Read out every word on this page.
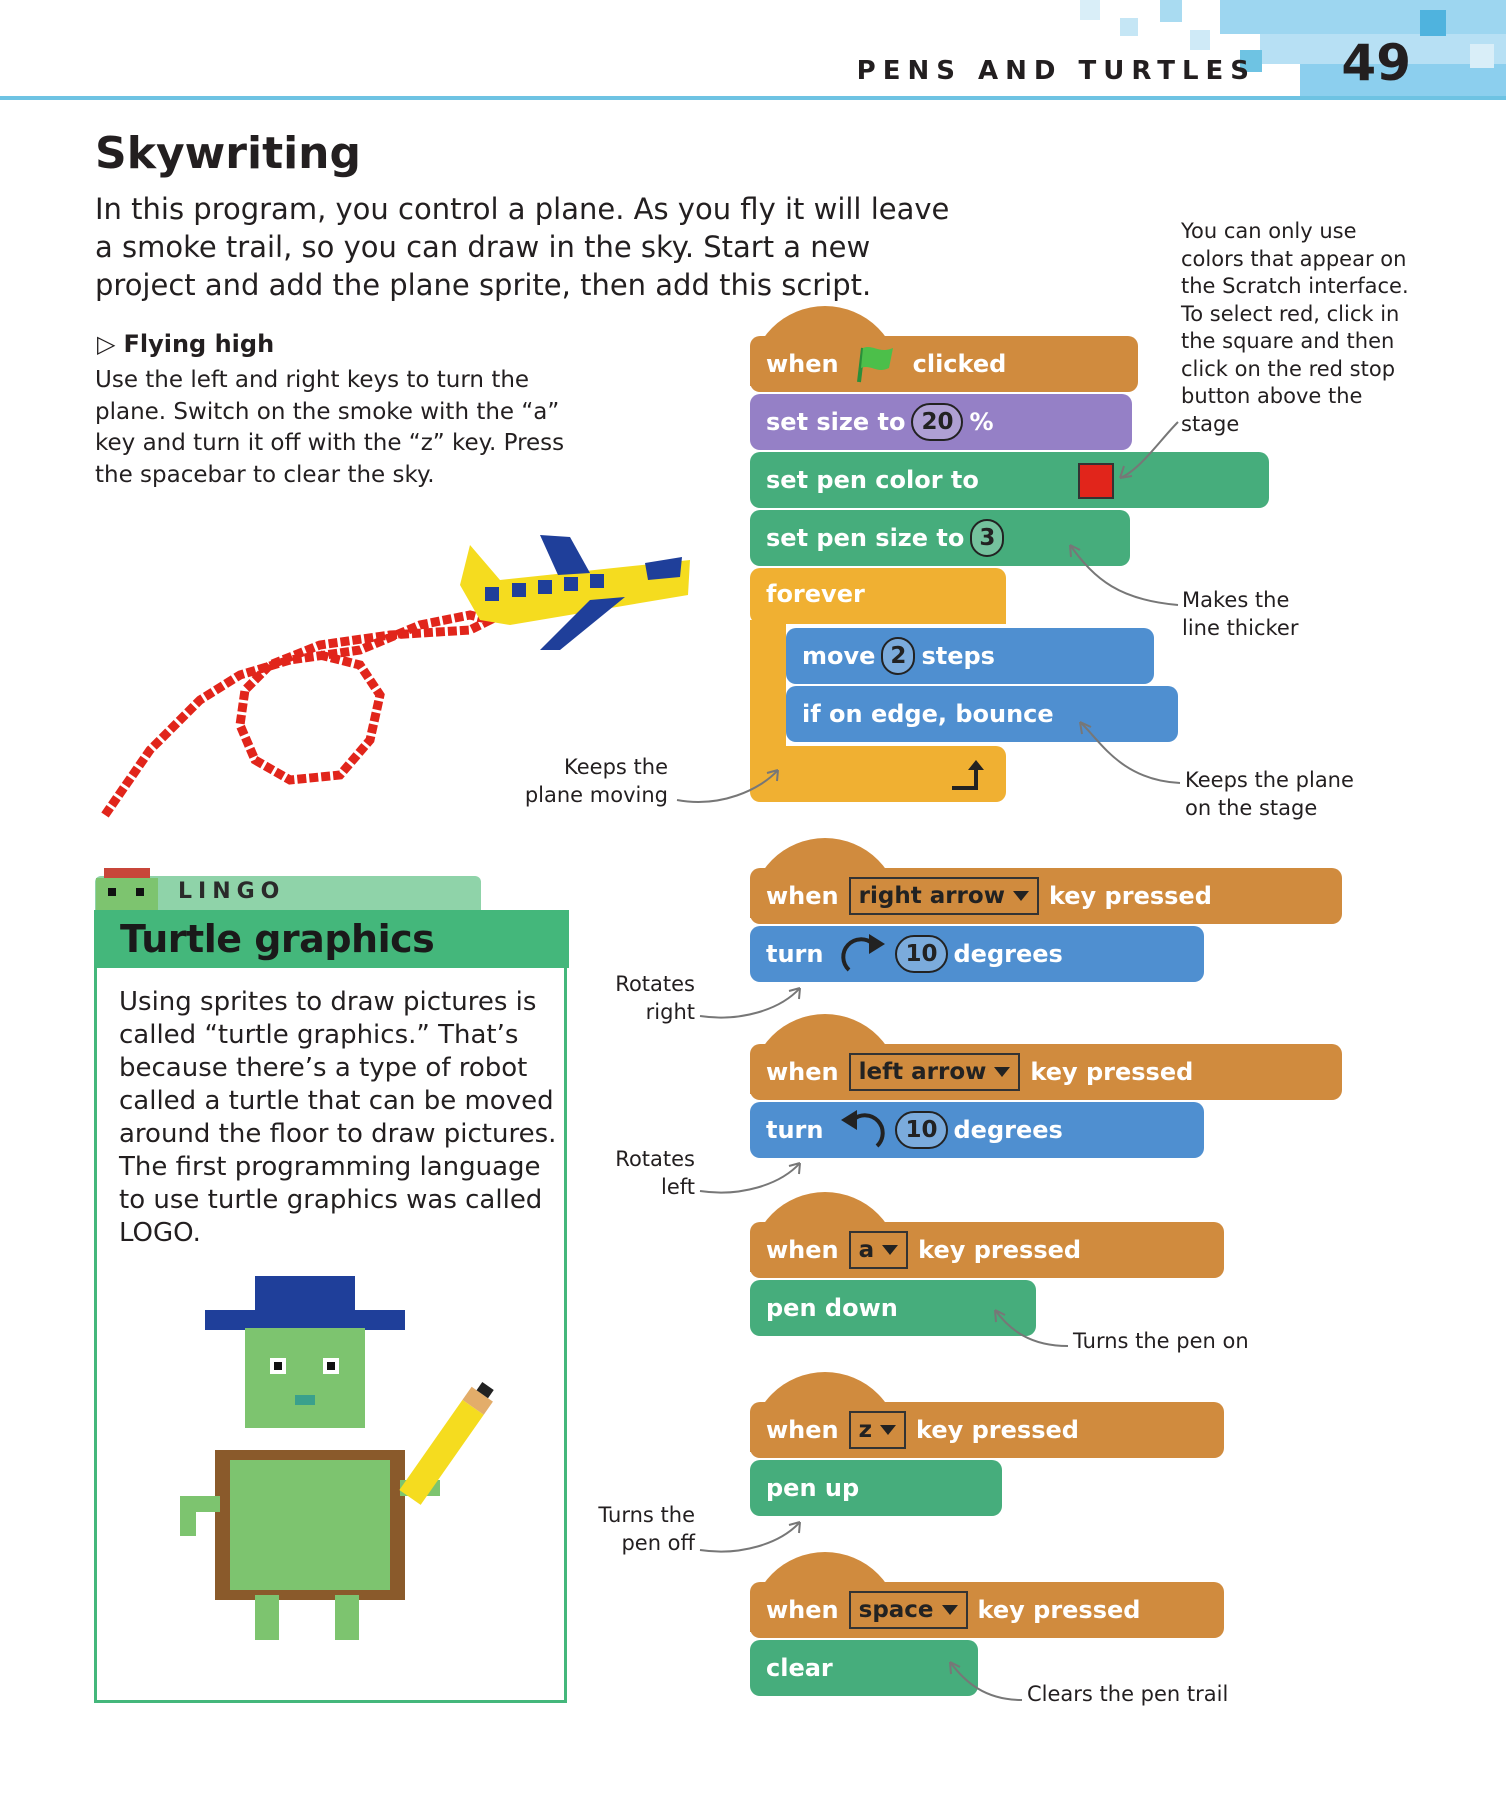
PENS AND TURTLES 49
Skywriting
In this program, you control a plane. As you fly it will leave a smoke trail, so you can draw in the sky. Start a new project and add the plane sprite, then add this script.
▷ Flying high
Use the left and right keys to turn the plane. Switch on the smoke with the “a” key and turn it off with the “z” key. Press the spacebar to clear the sky.
when	clicked
set size to 20 %
set pen color to
set pen size to 3
forever
move 2 steps
if on edge, bounce
when right arrow key pressed
turn	10 degrees
when left arrow key pressed
turn	10 degrees
when a key pressed
pen down
when z key pressed
pen up
when space key pressed
clear
You can only use colors that appear on the Scratch interface. To select red, click in the square and then click on the red stop button above the stage
Makes the line thicker
Keeps the plane moving
Keeps the plane on the stage
Rotates right
Rotates left
Turns the pen on
Turns the pen off
Clears the pen trail
LINGO
Turtle graphics
Using sprites to draw pictures is called “turtle graphics.” That’s because there’s a type of robot called a turtle that can be moved around the floor to draw pictures. The first programming language to use turtle graphics was called LOGO.
